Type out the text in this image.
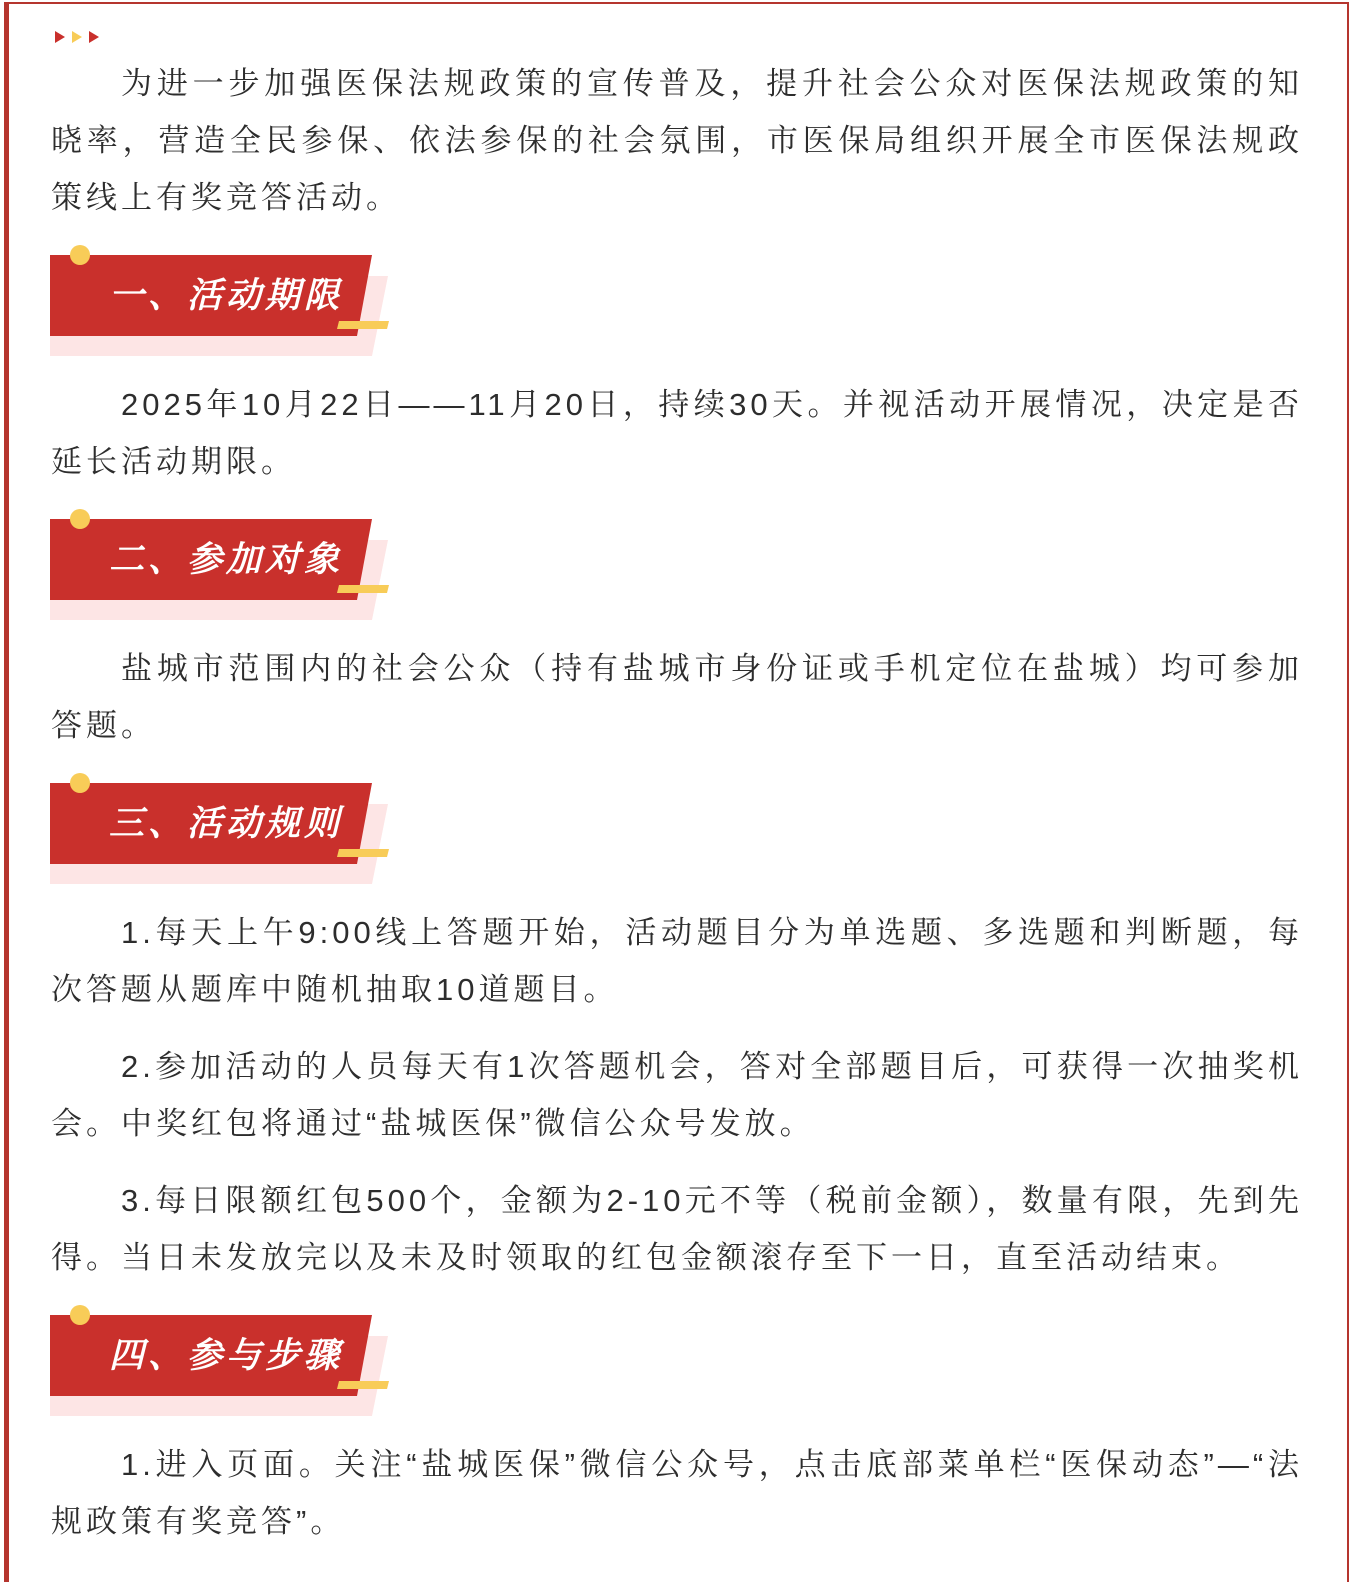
为进一步加强医保法规政策的宣传普及，提升社会公众对医保法规政策的知晓率，营造全民参保、依法参保的社会氛围，市医保局组织开展全市医保法规政策线上有奖竞答活动。

一、活动期限

2025年10月22日——11月20日，持续30天。并视活动开展情况，决定是否延长活动期限。

二、参加对象

盐城市范围内的社会公众（持有盐城市身份证或手机定位在盐城）均可参加答题。

三、活动规则

1.每天上午9:00线上答题开始，活动题目分为单选题、多选题和判断题，每次答题从题库中随机抽取10道题目。

2.参加活动的人员每天有1次答题机会，答对全部题目后，可获得一次抽奖机会。中奖红包将通过“盐城医保”微信公众号发放。

3.每日限额红包500个，金额为2-10元不等（税前金额），数量有限，先到先得。当日未发放完以及未及时领取的红包金额滚存至下一日，直至活动结束。

四、参与步骤

1.进入页面。关注“盐城医保”微信公众号，点击底部菜单栏“医保动态”—“法规政策有奖竞答”。
